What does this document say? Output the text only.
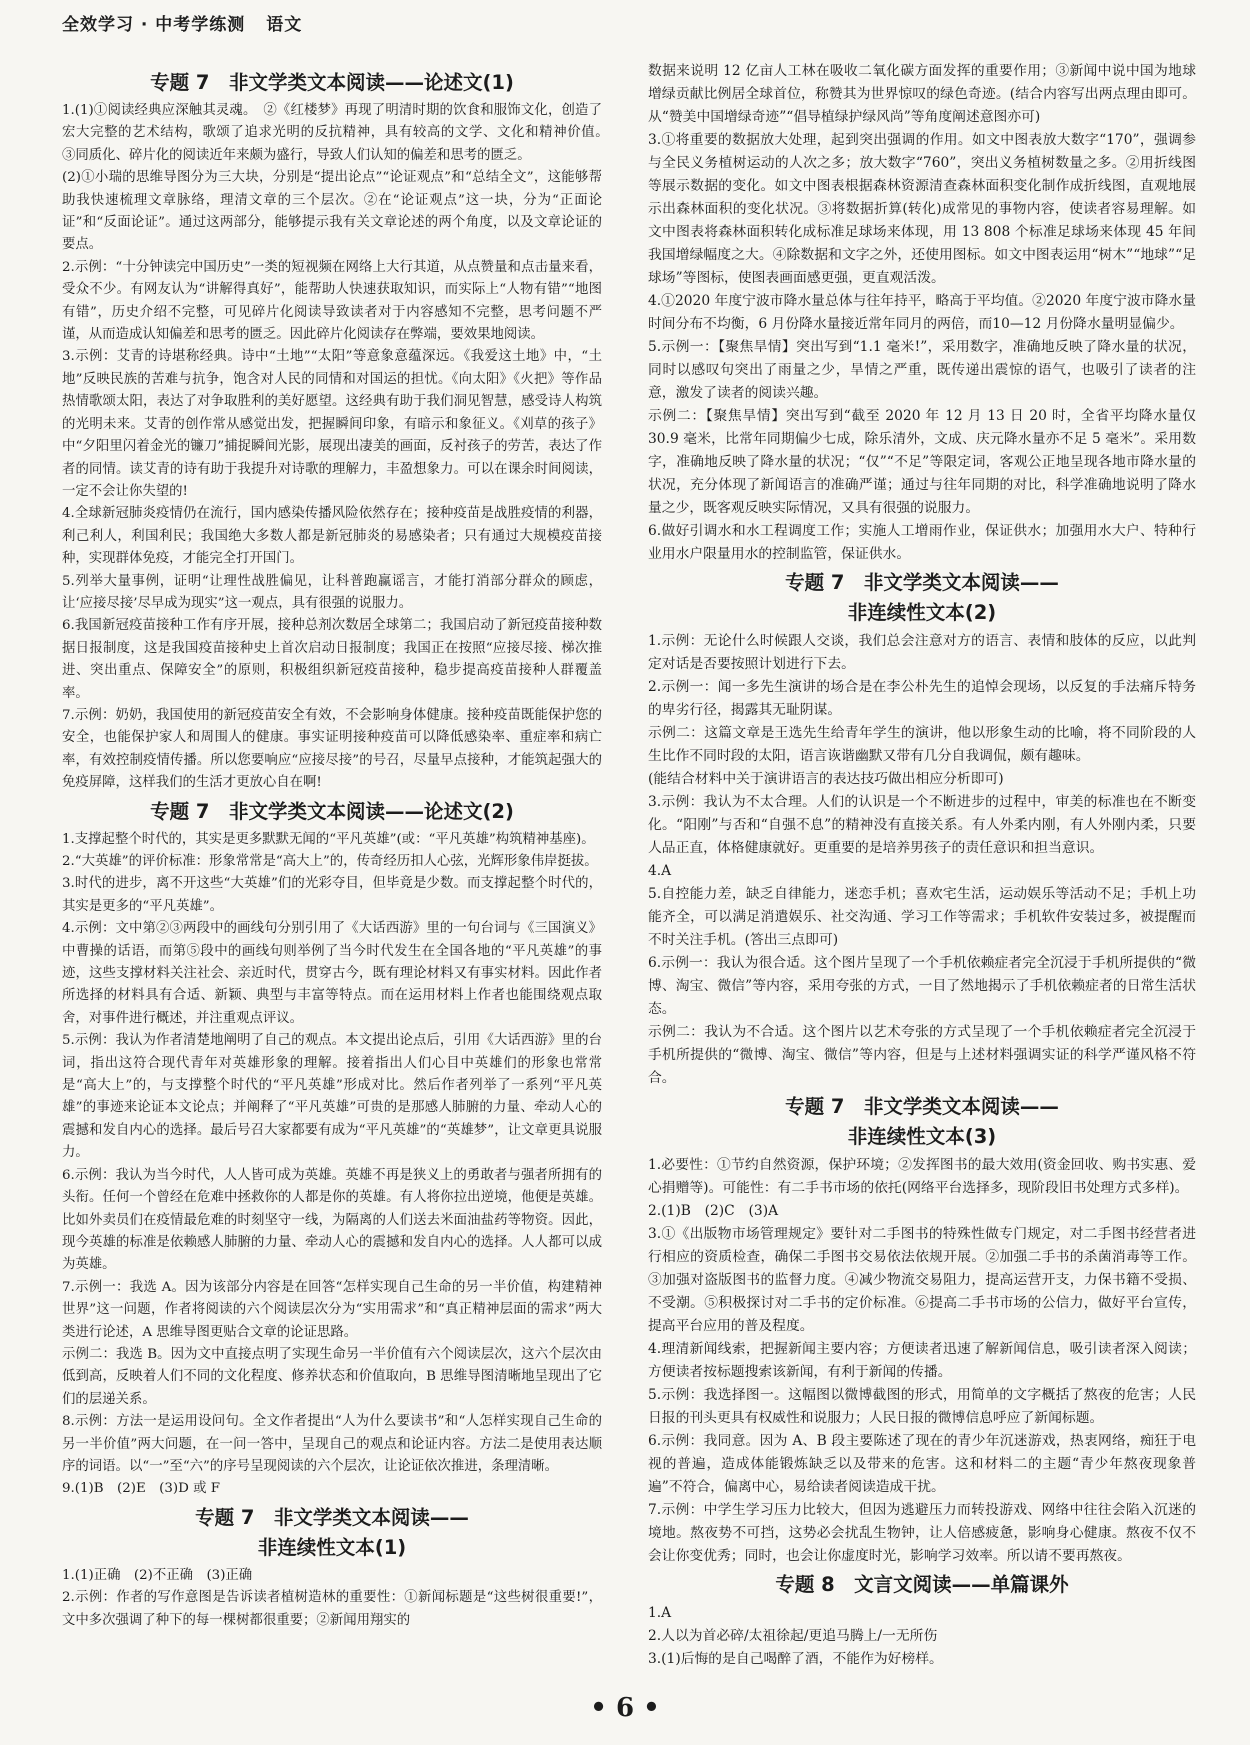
全效学习 · 中考学练测 语文
专题 7　非文学类文本阅读——论述文(1)

1.(1)①阅读经典应深触其灵魂。　②《红楼梦》再现了明清时期的饮食和服饰文化，创造了宏大完整的艺术结构，歌颂了追求光明的反抗精神，具有较高的文学、文化和精神价值。　③同质化、碎片化的阅读近年来颇为盛行，导致人们认知的偏差和思考的匮乏。

(2)①小瑞的思维导图分为三大块，分别是“提出论点”“论证观点”和“总结全文”，这能够帮助我快速梳理文章脉络，理清文章的三个层次。②在“论证观点”这一块，分为“正面论证”和“反面论证”。通过这两部分，能够提示我有关文章论述的两个角度，以及文章论证的要点。

2.示例：“十分钟读完中国历史”一类的短视频在网络上大行其道，从点赞量和点击量来看，受众不少。有网友认为“讲解得真好”，能帮助人快速获取知识，而实际上“人物有错”“地图有错”，历史介绍不完整，可见碎片化阅读导致读者对于内容感知不完整，思考问题不严谨，从而造成认知偏差和思考的匮乏。因此碎片化阅读存在弊端，要效果地阅读。

3.示例：艾青的诗堪称经典。诗中“土地”“太阳”等意象意蕴深远。《我爱这土地》中，“土地”反映民族的苦难与抗争，饱含对人民的同情和对国运的担忧。《向太阳》《火把》等作品热情歌颂太阳，表达了对争取胜利的美好愿望。这经典有助于我们洞见智慧，感受诗人构筑的光明未来。艾青的创作常从感觉出发，把握瞬间印象，有暗示和象征义。《刈草的孩子》中“夕阳里闪着金光的镰刀”捕捉瞬间光影，展现出凄美的画面，反衬孩子的劳苦，表达了作者的同情。读艾青的诗有助于我提升对诗歌的理解力，丰盈想象力。可以在课余时间阅读，一定不会让你失望的!

4.全球新冠肺炎疫情仍在流行，国内感染传播风险依然存在；接种疫苗是战胜疫情的利器，利己利人，利国利民；我国绝大多数人都是新冠肺炎的易感染者；只有通过大规模疫苗接种，实现群体免疫，才能完全打开国门。

5.列举大量事例，证明“让理性战胜偏见，让科普跑赢谣言，才能打消部分群众的顾虑，让‘应接尽接’尽早成为现实”这一观点，具有很强的说服力。

6.我国新冠疫苗接种工作有序开展，接种总剂次数居全球第二；我国启动了新冠疫苗接种数据日报制度，这是我国疫苗接种史上首次启动日报制度；我国正在按照“应接尽接、梯次推进、突出重点、保障安全”的原则，积极组织新冠疫苗接种，稳步提高疫苗接种人群覆盖率。

7.示例：奶奶，我国使用的新冠疫苗安全有效，不会影响身体健康。接种疫苗既能保护您的安全，也能保护家人和周围人的健康。事实证明接种疫苗可以降低感染率、重症率和病亡率，有效控制疫情传播。所以您要响应“应接尽接”的号召，尽量早点接种，才能筑起强大的免疫屏障，这样我们的生活才更放心自在啊!

专题 7　非文学类文本阅读——论述文(2)

1.支撑起整个时代的，其实是更多默默无闻的“平凡英雄”(或：“平凡英雄”构筑精神基座)。

2.“大英雄”的评价标准：形象常常是“高大上”的，传奇经历扣人心弦，光辉形象伟岸挺拔。

3.时代的进步，离不开这些“大英雄”们的光彩夺目，但毕竟是少数。而支撑起整个时代的，其实是更多的“平凡英雄”。

4.示例：文中第②③两段中的画线句分别引用了《大话西游》里的一句台词与《三国演义》中曹操的话语，而第⑤段中的画线句则举例了当今时代发生在全国各地的“平凡英雄”的事迹，这些支撑材料关注社会、亲近时代，贯穿古今，既有理论材料又有事实材料。因此作者所选择的材料具有合适、新颖、典型与丰富等特点。而在运用材料上作者也能围绕观点取舍，对事件进行概述，并注重观点评议。

5.示例：我认为作者清楚地阐明了自己的观点。本文提出论点后，引用《大话西游》里的台词，指出这符合现代青年对英雄形象的理解。接着指出人们心目中英雄们的形象也常常是“高大上”的，与支撑整个时代的“平凡英雄”形成对比。然后作者列举了一系列“平凡英雄”的事迹来论证本文论点；并阐释了“平凡英雄”可贵的是那感人肺腑的力量、牵动人心的震撼和发自内心的选择。最后号召大家都要有成为“平凡英雄”的“英雄梦”，让文章更具说服力。

6.示例：我认为当今时代，人人皆可成为英雄。英雄不再是狭义上的勇敢者与强者所拥有的头衔。任何一个曾经在危难中拯救你的人都是你的英雄。有人将你拉出逆境，他便是英雄。比如外卖员们在疫情最危难的时刻坚守一线，为隔离的人们送去米面油盐药等物资。因此，现今英雄的标准是依赖感人肺腑的力量、牵动人心的震撼和发自内心的选择。人人都可以成为英雄。

7.示例一：我选 A。因为该部分内容是在回答“怎样实现自己生命的另一半价值，构建精神世界”这一问题，作者将阅读的六个阅读层次分为“实用需求”和“真正精神层面的需求”两大类进行论述，A 思维导图更贴合文章的论证思路。

示例二：我选 B。因为文中直接点明了实现生命另一半价值有六个阅读层次，这六个层次由低到高，反映着人们不同的文化程度、修养状态和价值取向，B 思维导图清晰地呈现出了它们的层递关系。

8.示例：方法一是运用设问句。全文作者提出“人为什么要读书”和“人怎样实现自己生命的另一半价值”两大问题，在一问一答中，呈现自己的观点和论证内容。方法二是使用表达顺序的词语。以“一”至“六”的序号呈现阅读的六个层次，让论证依次推进，条理清晰。

9.(1)B　(2)E　(3)D 或 F

专题 7　非文学类文本阅读——
非连续性文本(1)

1.(1)正确　(2)不正确　(3)正确

2.示例：作者的写作意图是告诉读者植树造林的重要性：①新闻标题是“这些树很重要!”，文中多次强调了种下的每一棵树都很重要；②新闻用翔实的

数据来说明 12 亿亩人工林在吸收二氧化碳方面发挥的重要作用；③新闻中说中国为地球增绿贡献比例居全球首位，称赞其为世界惊叹的绿色奇迹。(结合内容写出两点理由即可。从“赞美中国增绿奇迹”“倡导植绿护绿风尚”等角度阐述意图亦可)

3.①将重要的数据放大处理，起到突出强调的作用。如文中图表放大数字“170”，强调参与全民义务植树运动的人次之多；放大数字“760”，突出义务植树数量之多。②用折线图等展示数据的变化。如文中图表根据森林资源清查森林面积变化制作成折线图，直观地展示出森林面积的变化状况。③将数据折算(转化)成常见的事物内容，使读者容易理解。如文中图表将森林面积转化成标准足球场来体现，用 13 808 个标准足球场来体现 45 年间我国增绿幅度之大。④除数据和文字之外，还使用图标。如文中图表运用“树木”“地球”“足球场”等图标，使图表画面感更强，更直观活泼。

4.①2020 年度宁波市降水量总体与往年持平，略高于平均值。②2020 年度宁波市降水量时间分布不均衡，6 月份降水量接近常年同月的两倍，而10—12 月份降水量明显偏少。

5.示例一：【聚焦旱情】突出写到“1.1 毫米!”，采用数字，准确地反映了降水量的状况，同时以感叹句突出了雨量之少，旱情之严重，既传递出震惊的语气，也吸引了读者的注意，激发了读者的阅读兴趣。

示例二：【聚焦旱情】突出写到“截至 2020 年 12 月 13 日 20 时，全省平均降水量仅 30.9 毫米，比常年同期偏少七成，除乐清外，文成、庆元降水量亦不足 5 毫米”。采用数字，准确地反映了降水量的状况；“仅”“不足”等限定词，客观公正地呈现各地市降水量的状况，充分体现了新闻语言的准确严谨；通过与往年同期的对比，科学准确地说明了降水量之少，既客观反映实际情况，又具有很强的说服力。

6.做好引调水和水工程调度工作；实施人工增雨作业，保证供水；加强用水大户、特种行业用水户限量用水的控制监管，保证供水。

专题 7　非文学类文本阅读——
非连续性文本(2)

1.示例：无论什么时候跟人交谈，我们总会注意对方的语言、表情和肢体的反应，以此判定对话是否要按照计划进行下去。

2.示例一：闻一多先生演讲的场合是在李公朴先生的追悼会现场，以反复的手法痛斥特务的卑劣行径，揭露其无耻阴谋。

示例二：这篇文章是王选先生给青年学生的演讲，他以形象生动的比喻，将不同阶段的人生比作不同时段的太阳，语言诙谐幽默又带有几分自我调侃，颇有趣味。

(能结合材料中关于演讲语言的表达技巧做出相应分析即可)

3.示例：我认为不太合理。人们的认识是一个不断进步的过程中，审美的标准也在不断变化。“阳刚”与否和“自强不息”的精神没有直接关系。有人外柔内刚，有人外刚内柔，只要人品正直，体格健康就好。更重要的是培养男孩子的责任意识和担当意识。

4.A

5.自控能力差，缺乏自律能力，迷恋手机；喜欢宅生活，运动娱乐等活动不足；手机上功能齐全，可以满足消遣娱乐、社交沟通、学习工作等需求；手机软件安装过多，被提醒而不时关注手机。(答出三点即可)

6.示例一：我认为很合适。这个图片呈现了一个手机依赖症者完全沉浸于手机所提供的“微博、淘宝、微信”等内容，采用夸张的方式，一目了然地揭示了手机依赖症者的日常生活状态。

示例二：我认为不合适。这个图片以艺术夸张的方式呈现了一个手机依赖症者完全沉浸于手机所提供的“微博、淘宝、微信”等内容，但是与上述材料强调实证的科学严谨风格不符合。

专题 7　非文学类文本阅读——
非连续性文本(3)

1.必要性：①节约自然资源，保护环境；②发挥图书的最大效用(资金回收、购书实惠、爱心捐赠等)。可能性：有二手书市场的依托(网络平台选择多，现阶段旧书处理方式多样)。

2.(1)B　(2)C　(3)A

3.①《出版物市场管理规定》要针对二手图书的特殊性做专门规定，对二手图书经营者进行相应的资质检查，确保二手图书交易依法依规开展。②加强二手书的杀菌消毒等工作。③加强对盗版图书的监督力度。④减少物流交易阻力，提高运营开支，力保书籍不受损、不受潮。⑤积极探讨对二手书的定价标准。⑥提高二手书市场的公信力，做好平台宣传，提高平台应用的普及程度。

4.理清新闻线索，把握新闻主要内容；方便读者迅速了解新闻信息，吸引读者深入阅读；方便读者按标题搜索该新闻，有利于新闻的传播。

5.示例：我选择图一。这幅图以微博截图的形式，用简单的文字概括了熬夜的危害；人民日报的刊头更具有权威性和说服力；人民日报的微博信息呼应了新闻标题。

6.示例：我同意。因为 A、B 段主要陈述了现在的青少年沉迷游戏，热衷网络，痴狂于电视的普遍，造成体能锻炼缺乏以及带来的危害。这和材料二的主题“青少年熬夜现象普遍”不符合，偏离中心，易给读者阅读造成干扰。

7.示例：中学生学习压力比较大，但因为逃避压力而转投游戏、网络中往往会陷入沉迷的境地。熬夜势不可挡，这势必会扰乱生物钟，让人倍感疲惫，影响身心健康。熬夜不仅不会让你变优秀；同时，也会让你虚度时光，影响学习效率。所以请不要再熬夜。

专题 8　文言文阅读——单篇课外

1.A

2.人以为首必碎/太祖徐起/更追马腾上/一无所伤

3.(1)后悔的是自己喝醉了酒，不能作为好榜样。

• 6 •
